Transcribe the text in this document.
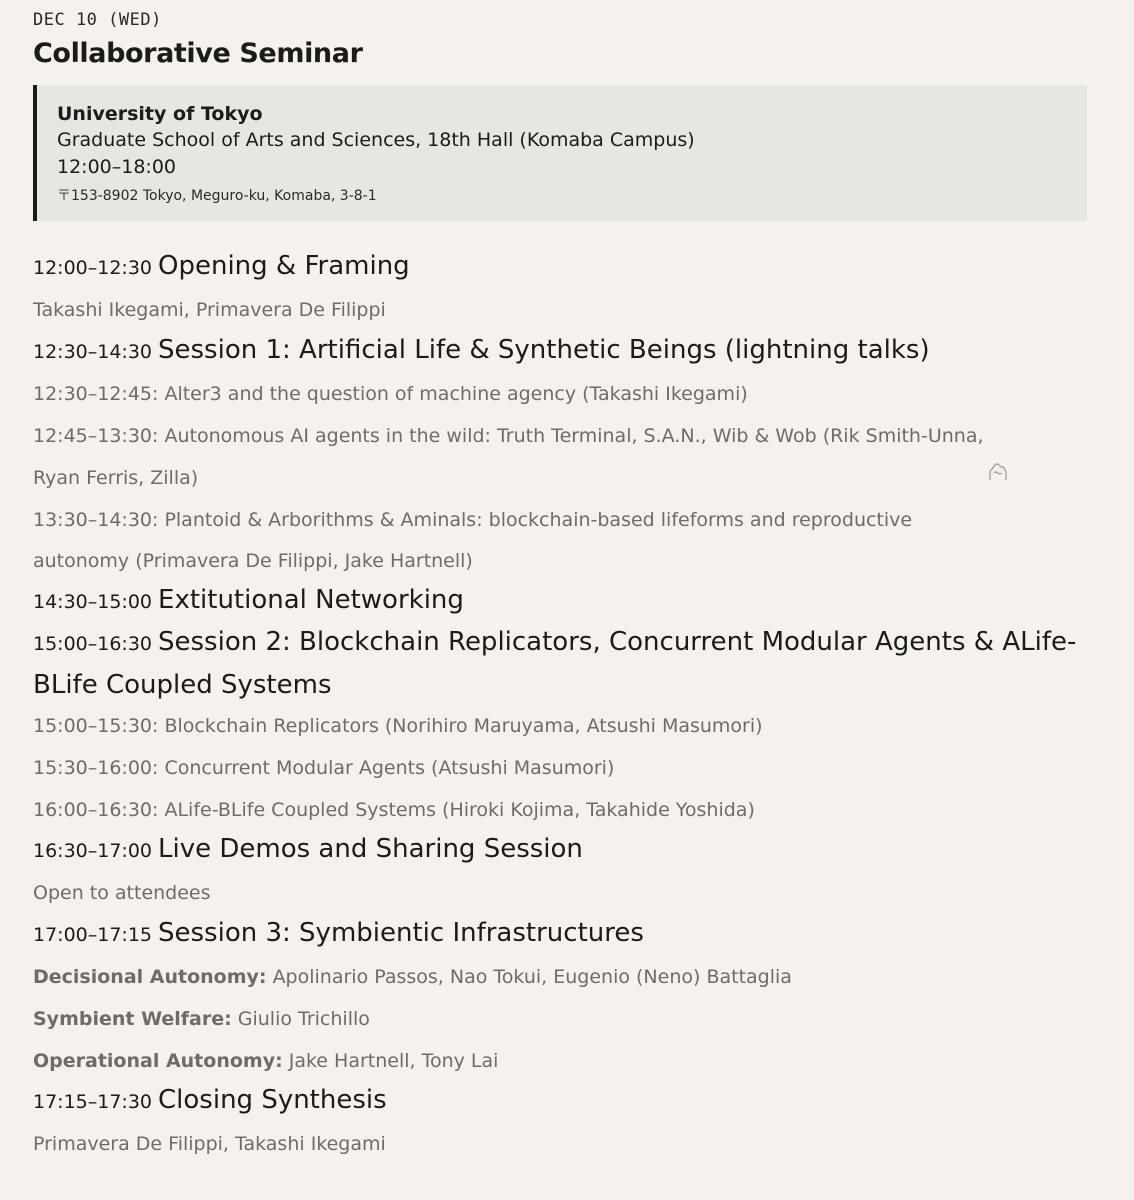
DEC 10 (WED)
Collaborative Seminar
University of Tokyo
Graduate School of Arts and Sciences, 18th Hall (Komaba Campus)
12:00–18:00
〒153-8902 Tokyo, Meguro-ku, Komaba, 3-8-1
12:00–12:30 Opening & Framing
Takashi Ikegami, Primavera De Filippi
12:30–14:30 Session 1: Artificial Life & Synthetic Beings (lightning talks)
12:30–12:45: Alter3 and the question of machine agency (Takashi Ikegami)
12:45–13:30: Autonomous AI agents in the wild: Truth Terminal, S.A.N., Wib & Wob (Rik Smith-Unna,
Ryan Ferris, Zilla)
13:30–14:30: Plantoid & Arborithms & Aminals: blockchain-based lifeforms and reproductive
autonomy (Primavera De Filippi, Jake Hartnell)
14:30–15:00 Extitutional Networking
15:00–16:30 Session 2: Blockchain Replicators, Concurrent Modular Agents & ALife-
BLife Coupled Systems
15:00–15:30: Blockchain Replicators (Norihiro Maruyama, Atsushi Masumori)
15:30–16:00: Concurrent Modular Agents (Atsushi Masumori)
16:00–16:30: ALife-BLife Coupled Systems (Hiroki Kojima, Takahide Yoshida)
16:30–17:00 Live Demos and Sharing Session
Open to attendees
17:00–17:15 Session 3: Symbientic Infrastructures
Decisional Autonomy: Apolinario Passos, Nao Tokui, Eugenio (Neno) Battaglia
Symbient Welfare: Giulio Trichillo
Operational Autonomy: Jake Hartnell, Tony Lai
17:15–17:30 Closing Synthesis
Primavera De Filippi, Takashi Ikegami
